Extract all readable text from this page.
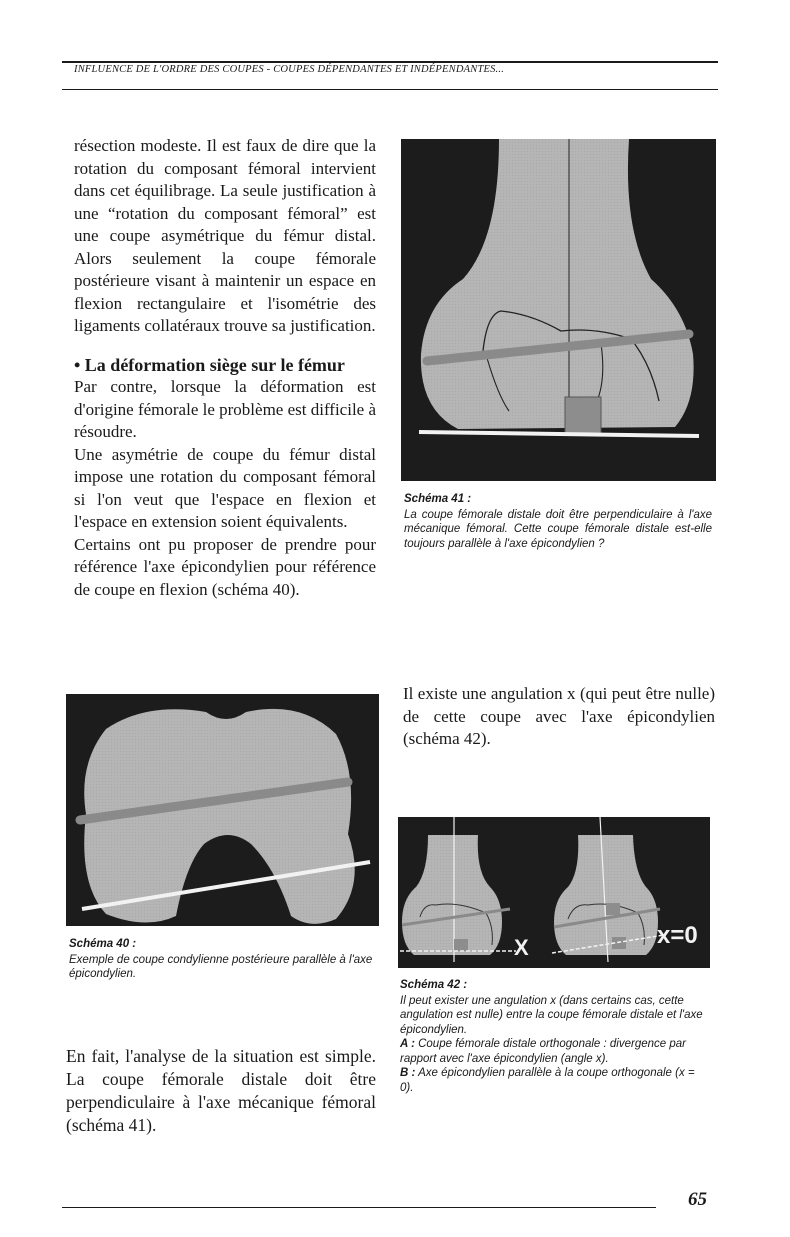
INFLUENCE DE L'ORDRE DES COUPES - COUPES DÉPENDANTES ET INDÉPENDANTES...

résection modeste. Il est faux de dire que la rotation du composant fémoral intervient dans cet équilibrage. La seule justification à une “rotation du composant fémoral” est une coupe asymétrique du fémur distal. Alors seulement la coupe fémorale postérieure visant à maintenir un espace en flexion rectangulaire et l'isométrie des ligaments collatéraux trouve sa justification.

• La déformation siège sur le fémur

Par contre, lorsque la déformation est d'origine fémorale le problème est difficile à résoudre.

Une asymétrie de coupe du fémur distal impose une rotation du composant fémoral si l'on veut que l'espace en flexion et l'espace en extension soient équivalents.

Certains ont pu proposer de prendre pour référence l'axe épicondylien pour référence de coupe en flexion (schéma 40).

Schéma 41 :
La coupe fémorale distale doit être perpendiculaire à l'axe mécanique fémoral. Cette coupe fémorale distale est-elle toujours parallèle à l'axe épicondylien ?

Il existe une angulation x (qui peut être nulle) de cette coupe avec l'axe épicondylien (schéma 42).

Schéma 40 :
Exemple de coupe condylienne postérieure parallèle à l'axe épicondylien.
X	x=0
Schéma 42 :
Il peut exister une angulation x (dans certains cas, cette angulation est nulle) entre la coupe fémorale distale et l'axe épicondylien.
A : Coupe fémorale distale orthogonale : divergence par rapport avec l'axe épicondylien (angle x).
B : Axe épicondylien parallèle à la coupe orthogonale (x = 0).

En fait, l'analyse de la situation est simple. La coupe fémorale distale doit être perpendiculaire à l'axe mécanique fémoral (schéma 41).

65
